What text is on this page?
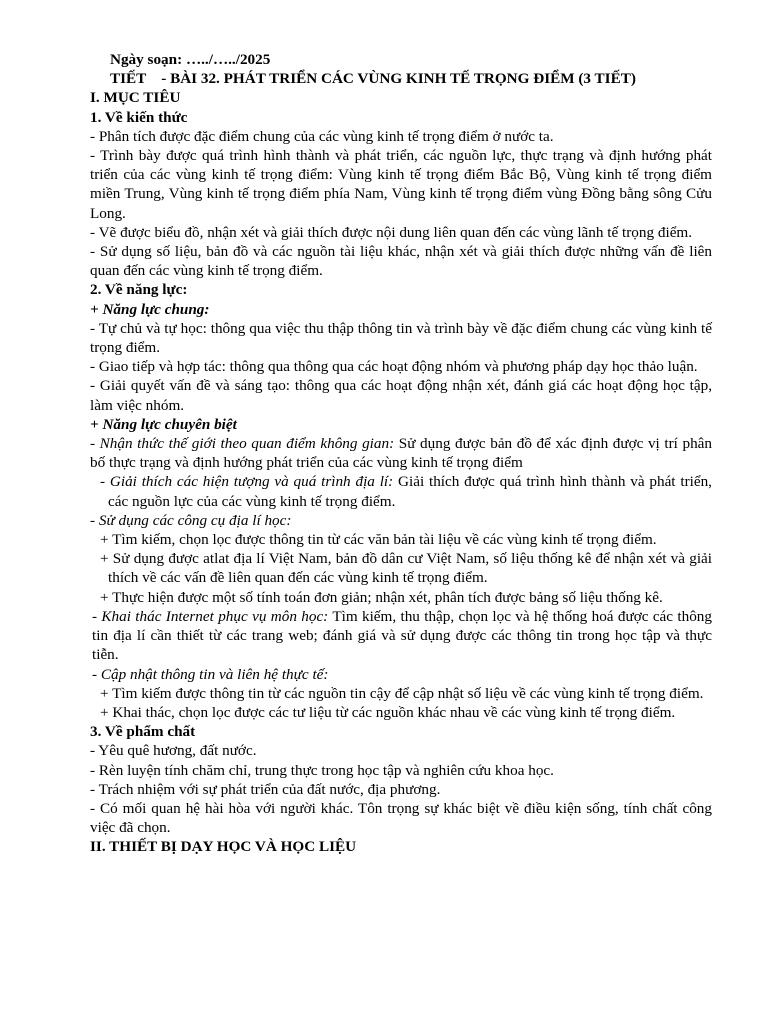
Ngày soạn: …../…../2025

TIẾT    - BÀI 32. PHÁT TRIỂN CÁC VÙNG KINH TẾ TRỌNG ĐIỂM (3 TIẾT)

I. MỤC TIÊU

1. Về kiến thức

- Phân tích được đặc điểm chung của các vùng kinh tế trọng điểm ở nước ta.

- Trình bày được quá trình hình thành và phát triển, các nguồn lực, thực trạng và định hướng phát triển của các vùng kinh tế trọng điểm: Vùng kinh tế trọng điểm Bắc Bộ, Vùng kinh tế trọng điểm miền Trung, Vùng kinh tế trọng điểm phía Nam, Vùng kinh tế trọng điểm vùng Đồng bằng sông Cửu Long.

- Vẽ được biểu đồ, nhận xét và giải thích được nội dung liên quan đến các vùng lãnh tế trọng điểm.

- Sử dụng số liệu, bản đồ và các nguồn tài liệu khác, nhận xét và giải thích được những vấn đề liên quan đến các vùng kinh tế trọng điểm.

2. Về năng lực:

+ Năng lực chung:

- Tự chủ và tự học: thông qua việc thu thập thông tin và trình bày về đặc điểm chung các vùng kinh tế trọng điểm.

- Giao tiếp và hợp tác: thông qua thông qua các hoạt động nhóm và phương pháp dạy học thảo luận.

- Giải quyết vấn đề và sáng tạo: thông qua các hoạt động nhận xét, đánh giá các hoạt động học tập, làm việc nhóm.

+ Năng lực chuyên biệt

- Nhận thức thế giới theo quan điểm không gian: Sử dụng được bản đồ để xác định được vị trí phân bố thực trạng và định hướng phát triển của các vùng kinh tế trọng điểm

- Giải thích các hiện tượng và quá trình địa lí: Giải thích được quá trình hình thành và phát triển, các nguồn lực của các vùng kinh tế trọng điểm.

- Sử dụng các công cụ địa lí học:

+ Tìm kiếm, chọn lọc được thông tin từ các văn bản tài liệu về các vùng kinh tế trọng điểm.

+ Sử dụng được atlat địa lí Việt Nam, bản đồ dân cư Việt Nam, số liệu thống kê để nhận xét và giải thích về các vấn đề liên quan đến các vùng kinh tế trọng điểm.

+ Thực hiện được một số tính toán đơn giản; nhận xét, phân tích được bảng số liệu thống kê.

- Khai thác Internet phục vụ môn học: Tìm kiếm, thu thập, chọn lọc và hệ thống hoá được các thông tin địa lí cần thiết từ các trang web; đánh giá và sử dụng được các thông tin trong học tập và thực tiễn.

- Cập nhật thông tin và liên hệ thực tế:

+ Tìm kiếm được thông tin từ các nguồn tin cậy để cập nhật số liệu về các vùng kinh tế trọng điểm.

+ Khai thác, chọn lọc được các tư liệu từ các nguồn khác nhau về các vùng kinh tế trọng điểm.

3. Về phẩm chất

- Yêu quê hương, đất nước.

- Rèn luyện tính chăm chỉ, trung thực trong học tập và nghiên cứu khoa học.

- Trách nhiệm với sự phát triển của đất nước, địa phương.

- Có mối quan hệ hài hòa với người khác. Tôn trọng sự khác biệt về điều kiện sống, tính chất công việc đã chọn.

II. THIẾT BỊ DẠY HỌC VÀ HỌC LIỆU
